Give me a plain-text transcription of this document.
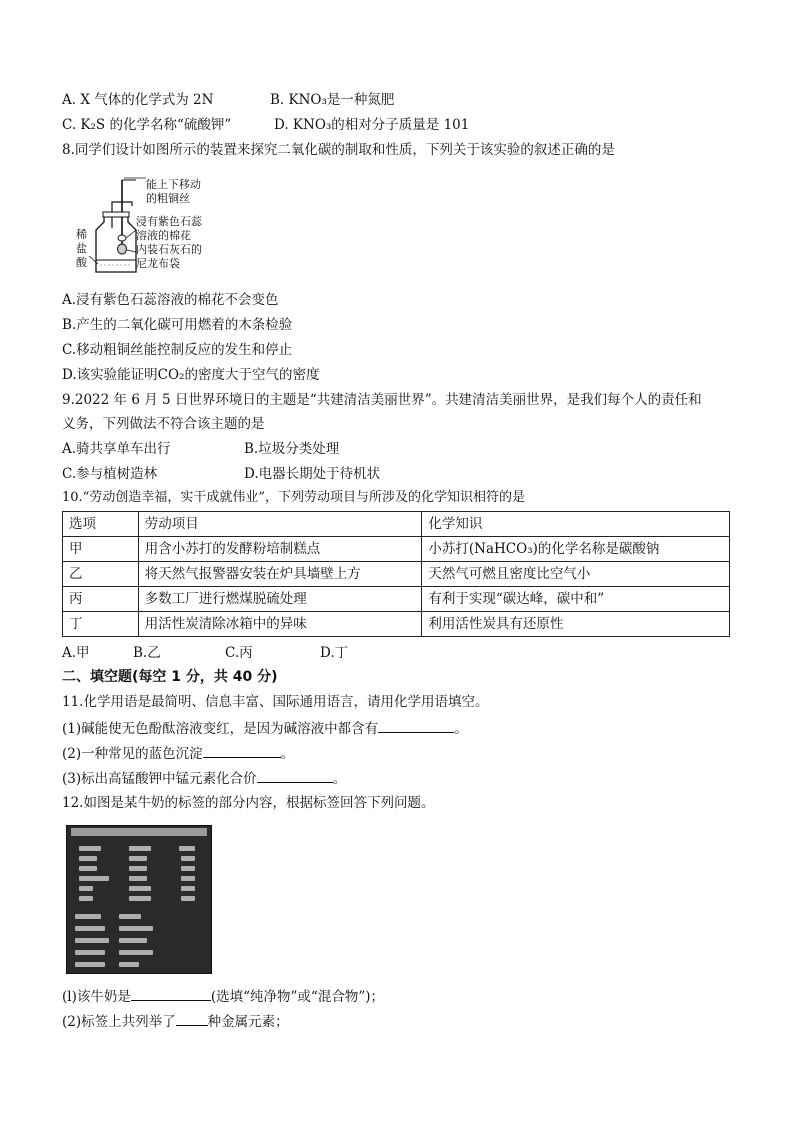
A. X 气体的化学式为 2N	B. KNO₃是一种氮肥
C. K₂S 的化学名称“硫酸钾”	D. KNO₃的相对分子质量是 101
8.同学们设计如图所示的装置来探究二氧化碳的制取和性质，下列关于该实验的叙述正确的是
能上下移动
的粗铜丝
浸有紫色石蕊
溶液的棉花
内装石灰石的
尼龙布袋
稀
盐
酸
A.浸有紫色石蕊溶液的棉花不会变色
B.产生的二氧化碳可用燃着的木条检验
C.移动粗铜丝能控制反应的发生和停止
D.该实验能证明CO₂的密度大于空气的密度
9.2022 年 6 月 5 日世界环境日的主题是“共建清洁美丽世界”。共建清洁美丽世界，是我们每个人的责任和
义务，下列做法不符合该主题的是
A.骑共享单车出行	B.垃圾分类处理
C.参与植树造林	D.电器长期处于待机状
10.“劳动创造幸福，实干成就伟业”，下列劳动项目与所涉及的化学知识相符的是
选项	劳动项目	化学知识
甲	用含小苏打的发酵粉培制糕点	小苏打(NaHCO₃)的化学名称是碳酸钠
乙	将天然气报警器安装在炉具墙壁上方	天然气可燃且密度比空气小
丙	多数工厂进行燃煤脱硫处理	有利于实现“碳达峰，碳中和”
丁	用活性炭清除冰箱中的异味	利用活性炭具有还原性
A.甲	B.乙	C.丙	D.丁
二、填空题(每空 1 分，共 40 分)
11.化学用语是最简明、信息丰富、国际通用语言，请用化学用语填空。
(1)碱能使无色酚酞溶液变红，是因为碱溶液中都含有	。
(2)一种常见的蓝色沉淀	。
(3)标出高锰酸钾中锰元素化合价	。
12.如图是某牛奶的标签的部分内容，根据标签回答下列问题。
(l)该牛奶是	(选填“纯净物”或“混合物”)；
(2)标签上共列举了 种金属元素；
